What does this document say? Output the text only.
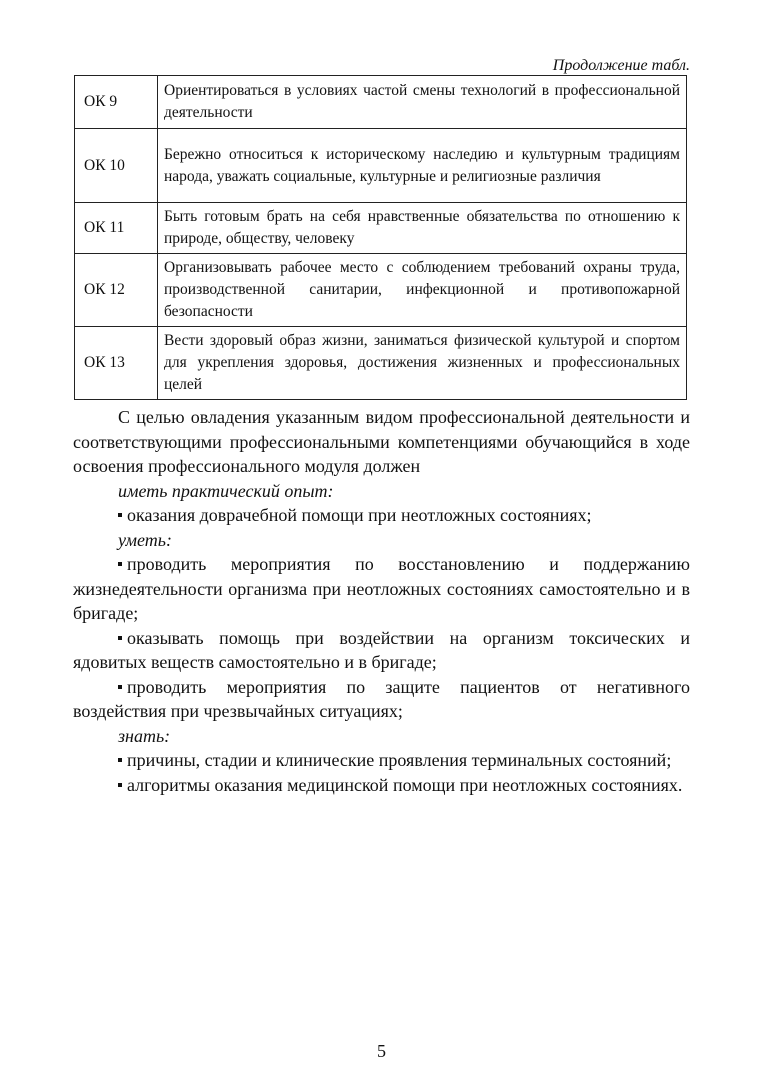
Продолжение табл.
ОК 9	Ориентироваться в условиях частой смены технологий в профессиональной деятельности
ОК 10	Бережно относиться к историческому наследию и культурным традициям народа, уважать социальные, культурные и религиозные различия
ОК 11	Быть готовым брать на себя нравственные обязательства по отношению к природе, обществу, человеку
ОК 12	Организовывать рабочее место с соблюдением требований охраны труда, производственной санитарии, инфекционной и противопожарной безопасности
ОК 13	Вести здоровый образ жизни, заниматься физической культурой и спортом для укрепления здоровья, достижения жизненных и профессиональных целей

С целью овладения указанным видом профессиональной деятельности и соответствующими профессиональными компетенциями обучающийся в ходе освоения профессионального модуля должен

иметь практический опыт:

оказания доврачебной помощи при неотложных состояниях;

уметь:

проводить мероприятия по восстановлению и поддержанию жизнедеятельности организма при неотложных состояниях самостоятельно и в бригаде;

оказывать помощь при воздействии на организм токсических и ядовитых веществ самостоятельно и в бригаде;

проводить мероприятия по защите пациентов от негативного воздействия при чрезвычайных ситуациях;

знать:

причины, стадии и клинические проявления терминальных состояний;

алгоритмы оказания медицинской помощи при неотложных состояниях.

5
